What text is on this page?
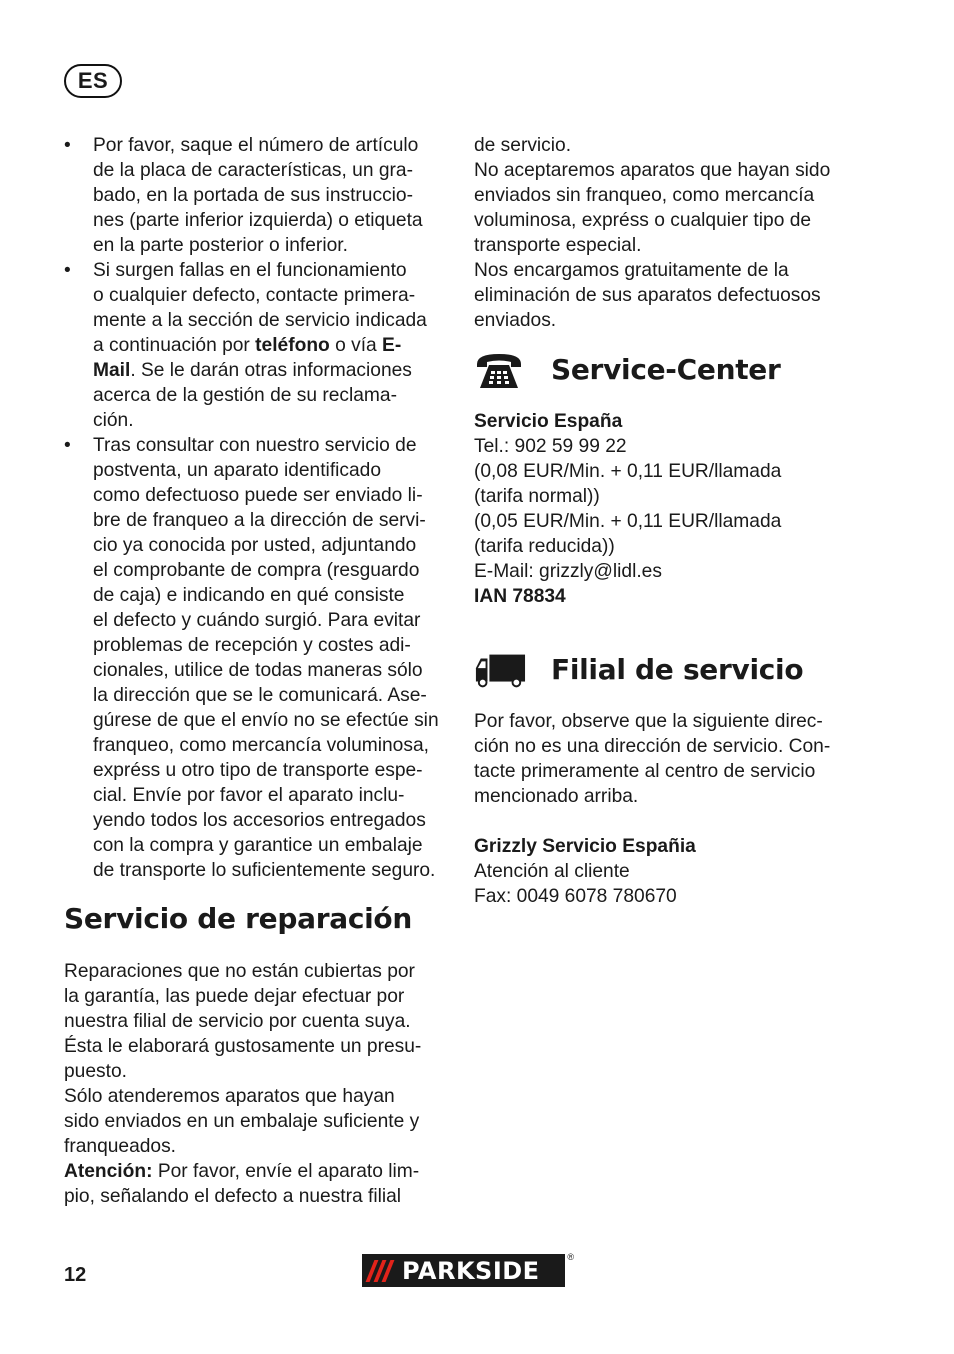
ES
• Por favor, saque el número de artículo
de la placa de características, un gra-
bado, en la portada de sus instruccio-
nes (parte inferior izquierda) o etiqueta
en la parte posterior o inferior.
• Si surgen fallas en el funcionamiento
o cualquier defecto, contacte primera-
mente a la sección de servicio indicada
a continuación por teléfono o vía E-
Mail. Se le darán otras informaciones
acerca de la gestión de su reclama-
ción.
• Tras consultar con nuestro servicio de
postventa, un aparato identificado
como defectuoso puede ser enviado li-
bre de franqueo a la dirección de servi-
cio ya conocida por usted, adjuntando
el comprobante de compra (resguardo
de caja) e indicando en qué consiste
el defecto y cuándo surgió. Para evitar
problemas de recepción y costes adi-
cionales, utilice de todas maneras sólo
la dirección que se le comunicará. Ase-
gúrese de que el envío no se efectúe sin
franqueo, como mercancía voluminosa,
expréss u otro tipo de transporte espe-
cial. Envíe por favor el aparato inclu-
yendo todos los accesorios entregados
con la compra y garantice un embalaje
de transporte lo suficientemente seguro.
Servicio de reparación
Reparaciones que no están cubiertas por
la garantía, las puede dejar efectuar por
nuestra filial de servicio por cuenta suya.
Ésta le elaborará gustosamente un presu-
puesto.
Sólo atenderemos aparatos que hayan
sido enviados en un embalaje suficiente y
franqueados.
Atención: Por favor, envíe el aparato lim-
pio, señalando el defecto a nuestra filial
de servicio.
No aceptaremos aparatos que hayan sido
enviados sin franqueo, como mercancía
voluminosa, expréss o cualquier tipo de
transporte especial.
Nos encargamos gratuitamente de la
eliminación de sus aparatos defectuosos
enviados.
Service-Center
Servicio España
Tel.: 902 59 99 22
(0,08 EUR/Min. + 0,11 EUR/llamada
(tarifa normal))
(0,05 EUR/Min. + 0,11 EUR/llamada
(tarifa reducida))
E-Mail: grizzly@lidl.es
IAN 78834
Filial de servicio
Por favor, observe que la siguiente direc-
ción no es una dirección de servicio. Con-
tacte primeramente al centro de servicio
mencionado arriba.
Grizzly Servicio Españia
Atención al cliente
Fax: 0049 6078 780670
12	PARKSIDE	®
